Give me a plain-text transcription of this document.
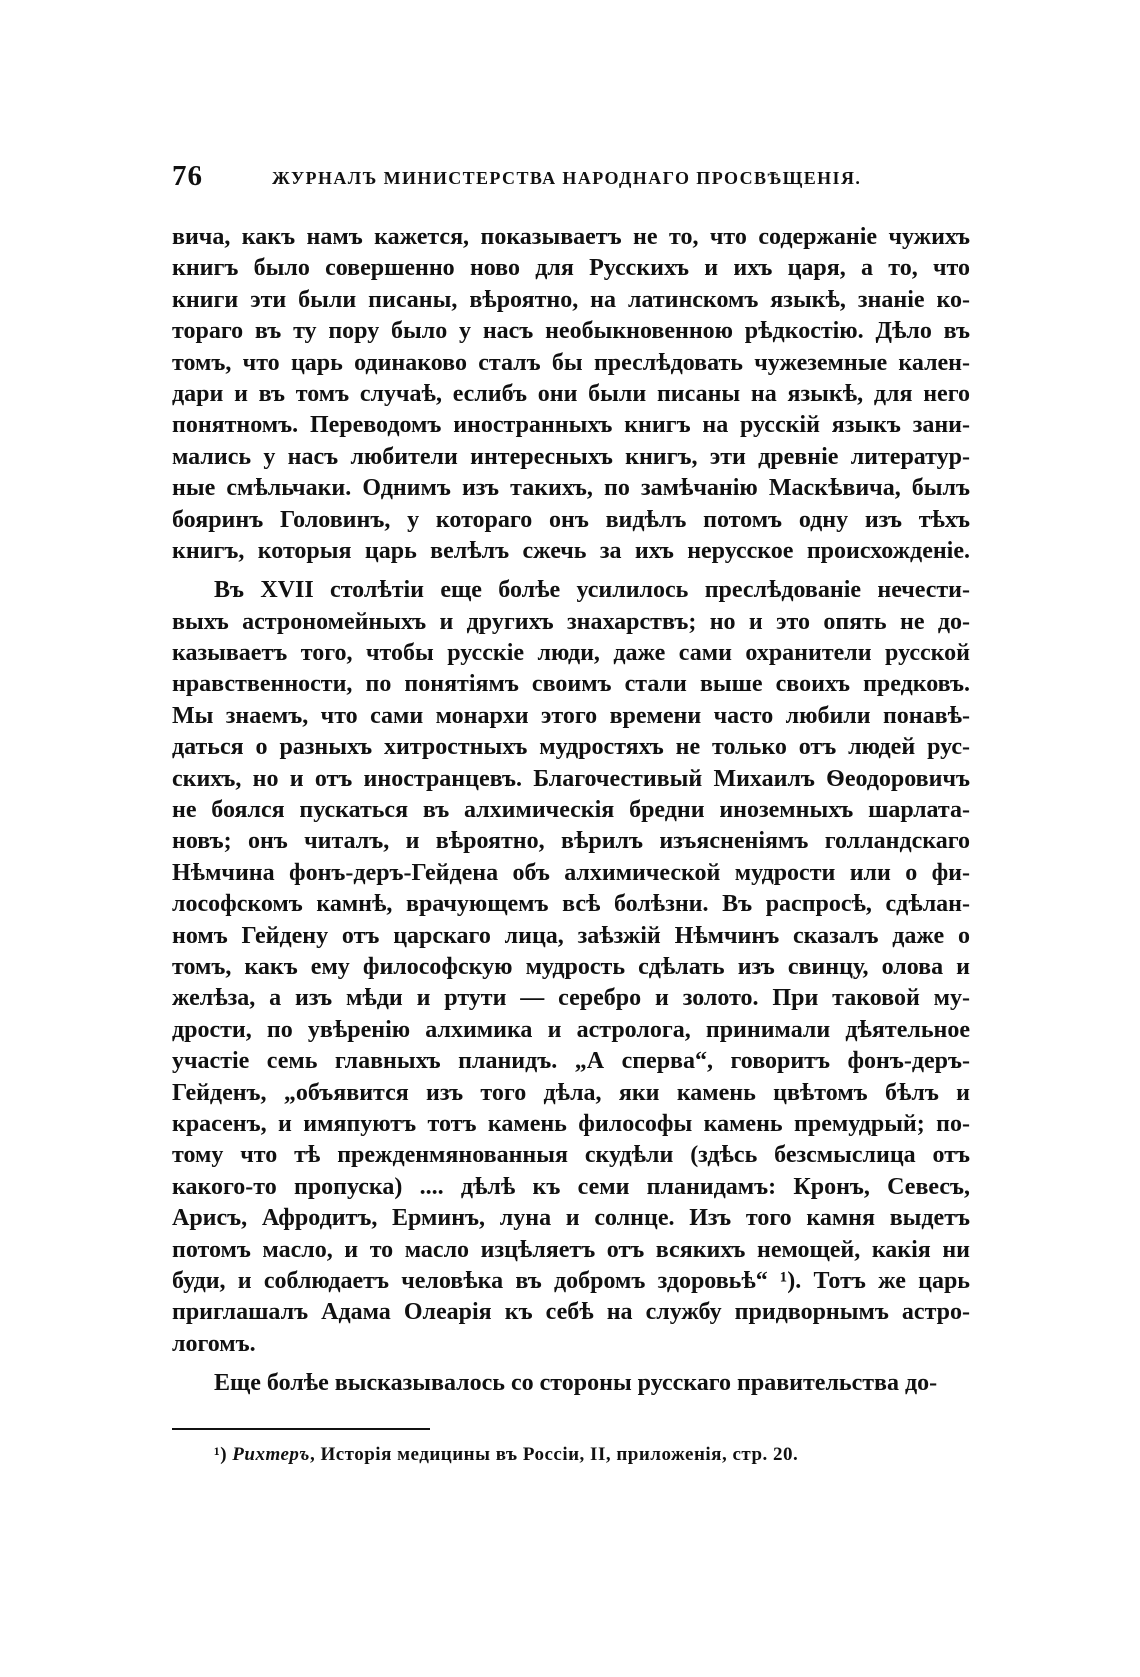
76	ЖУРНАЛЪ МИНИСТЕРСТВА НАРОДНАГО ПРОСВѢЩЕНІЯ.
вича, какъ намъ кажется, показываетъ не то, что содержаніе чужихъ
книгъ было совершенно ново для Русскихъ и ихъ царя, а то, что
книги эти были писаны, вѣроятно, на латинскомъ языкѣ, знаніе ко-
тораго въ ту пору было у насъ необыкновенною рѣдкостію. Дѣло въ
томъ, что царь одинаково сталъ бы преслѣдовать чужеземные кален-
дари и въ томъ случаѣ, еслибъ они были писаны на языкѣ, для него
понятномъ. Переводомъ иностранныхъ книгъ на русскій языкъ зани-
мались у насъ любители интересныхъ книгъ, эти древніе литератур-
ные смѣльчаки. Однимъ изъ такихъ, по замѣчанію Маскѣвича, былъ
бояринъ Головинъ, у котораго онъ видѣлъ потомъ одну изъ тѣхъ
книгъ, которыя царь велѣлъ сжечь за ихъ нерусское происхожденіе.
Въ XVII столѣтіи еще болѣе усилилось преслѣдованіе нечести-
выхъ астрономейныхъ и другихъ знахарствъ; но и это опять не до-
казываетъ того, чтобы русскіе люди, даже сами охранители русской
нравственности, по понятіямъ своимъ стали выше своихъ предковъ.
Мы знаемъ, что сами монархи этого времени часто любили понавѣ-
даться о разныхъ хитростныхъ мудростяхъ не только отъ людей рус-
скихъ, но и отъ иностранцевъ. Благочестивый Михаилъ Ѳеодоровичъ
не боялся пускаться въ алхимическія бредни иноземныхъ шарлата-
новъ; онъ читалъ, и вѣроятно, вѣрилъ изъясненіямъ голландскаго
Нѣмчина фонъ-деръ-Гейдена объ алхимической мудрости или о фи-
лософскомъ камнѣ, врачующемъ всѣ болѣзни. Въ распросѣ, сдѣлан-
номъ Гейдену отъ царскаго лица, заѣзжій Нѣмчинъ сказалъ даже о
томъ, какъ ему философскую мудрость сдѣлать изъ свинцу, олова и
желѣза, а изъ мѣди и ртути — серебро и золото. При таковой му-
дрости, по увѣренію алхимика и астролога, принимали дѣятельное
участіе семь главныхъ планидъ. „А сперва“, говоритъ фонъ-деръ-
Гейденъ, „объявится изъ того дѣла, яки камень цвѣтомъ бѣлъ и
красенъ, и имяпуютъ тотъ камень философы камень премудрый; по-
тому что тѣ прежденмянованныя скудѣли (здѣсь безсмыслица отъ
какого-то пропуска) .... дѣлѣ къ семи планидамъ: Кронъ, Севесъ,
Арисъ, Афродитъ, Ерминъ, луна и солнце. Изъ того камня выдетъ
потомъ масло, и то масло изцѣляетъ отъ всякихъ немощей, какія ни
буди, и соблюдаетъ человѣка въ добромъ здоровьѣ“ ¹). Тотъ же царь
приглашалъ Адама Олеарія къ себѣ на службу придворнымъ астро-
логомъ.
Еще болѣе высказывалось со стороны русскаго правительства до-
¹) Рихтеръ, Исторія медицины въ Россіи, II, приложенія, стр. 20.
